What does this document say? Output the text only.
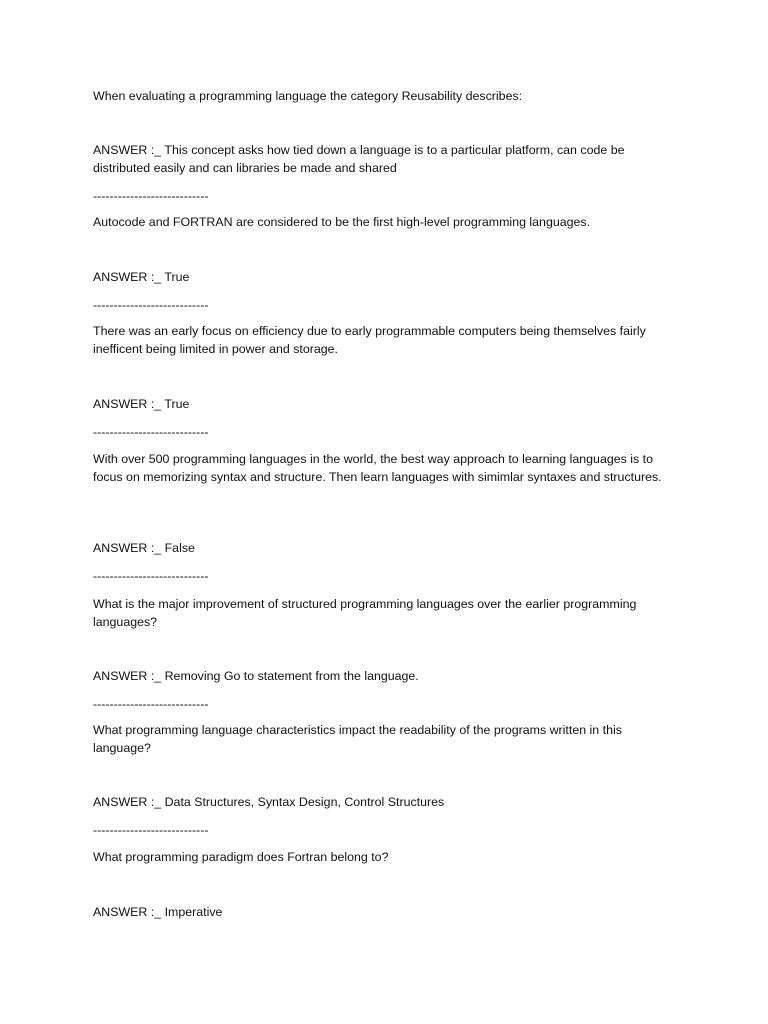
When evaluating a programming language the category Reusability describes:
ANSWER :_ This concept asks how tied down a language is to a particular platform, can code be distributed easily and can libraries be made and shared
----------------------------
Autocode and FORTRAN are considered to be the first high-level programming languages.
ANSWER :_ True
----------------------------
There was an early focus on efficiency due to early programmable computers being themselves fairly inefficent being limited in power and storage.
ANSWER :_ True
----------------------------
With over 500 programming languages in the world, the best way approach to learning languages is to focus on memorizing syntax and structure. Then learn languages with simimlar syntaxes and structures.
ANSWER :_ False
----------------------------
What is the major improvement of structured programming languages over the earlier programming languages?
ANSWER :_ Removing Go to statement from the language.
----------------------------
What programming language characteristics impact the readability of the programs written in this language?
ANSWER :_ Data Structures, Syntax Design, Control Structures
----------------------------
What programming paradigm does Fortran belong to?
ANSWER :_ Imperative
